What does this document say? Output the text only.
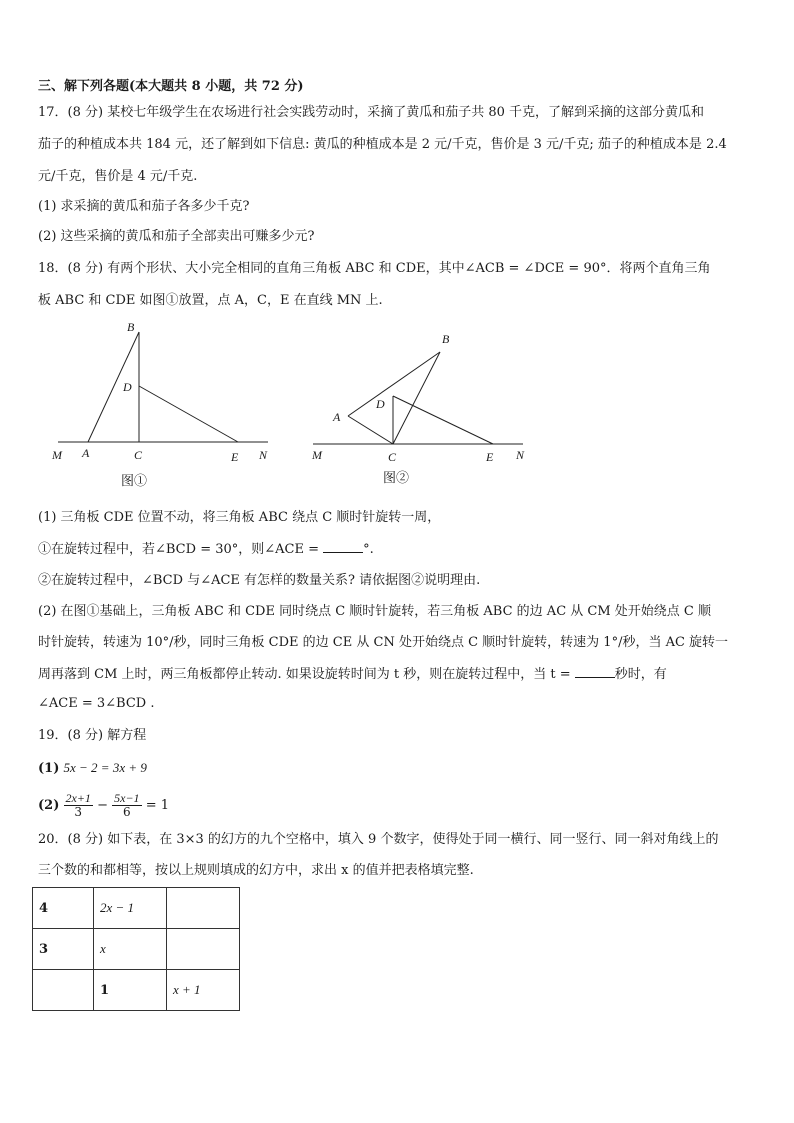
三、解下列各题(本大题共 8 小题，共 72 分)
17．(8 分) 某校七年级学生在农场进行社会实践劳动时，采摘了黄瓜和茄子共 80 千克，了解到采摘的这部分黄瓜和
茄子的种植成本共 184 元，还了解到如下信息: 黄瓜的种植成本是 2 元/千克，售价是 3 元/千克; 茄子的种植成本是 2.4
元/千克，售价是 4 元/千克.
(1) 求采摘的黄瓜和茄子各多少千克?
(2) 这些采摘的黄瓜和茄子全部卖出可赚多少元?
18．(8 分) 有两个形状、大小完全相同的直角三角板 ABC 和 CDE，其中∠ACB = ∠DCE = 90°．将两个直角三角
板 ABC 和 CDE 如图①放置，点 A，C，E 在直线 MN 上.
B
D
M A	C	E N
图①
B
D
A
M	C	E N
图②
(1) 三角板 CDE 位置不动，将三角板 ABC 绕点 C 顺时针旋转一周，
①在旋转过程中，若∠BCD = 30°，则∠ACE =	°.
②在旋转过程中，∠BCD 与∠ACE 有怎样的数量关系? 请依据图②说明理由.
(2) 在图①基础上，三角板 ABC 和 CDE 同时绕点 C 顺时针旋转，若三角板 ABC 的边 AC 从 CM 处开始绕点 C 顺
时针旋转，转速为 10°/秒，同时三角板 CDE 的边 CE 从 CN 处开始绕点 C 顺时针旋转，转速为 1°/秒，当 AC 旋转一
周再落到 CM 上时，两三角板都停止转动. 如果设旋转时间为 t 秒，则在旋转过程中，当 t =	秒时，有
∠ACE = 3∠BCD .
19．(8 分) 解方程
(1) 5x − 2 = 3x + 9
$(2) \frac{2x+1}{3} - \frac{5x-1}{6} = 1$
20．(8 分) 如下表，在 3×3 的幻方的九个空格中，填入 9 个数字，使得处于同一横行、同一竖行、同一斜对角线上的
三个数的和都相等，按以上规则填成的幻方中，求出 x 的值并把表格填完整.
4	2x − 1	
3	x	
	1	x + 1
